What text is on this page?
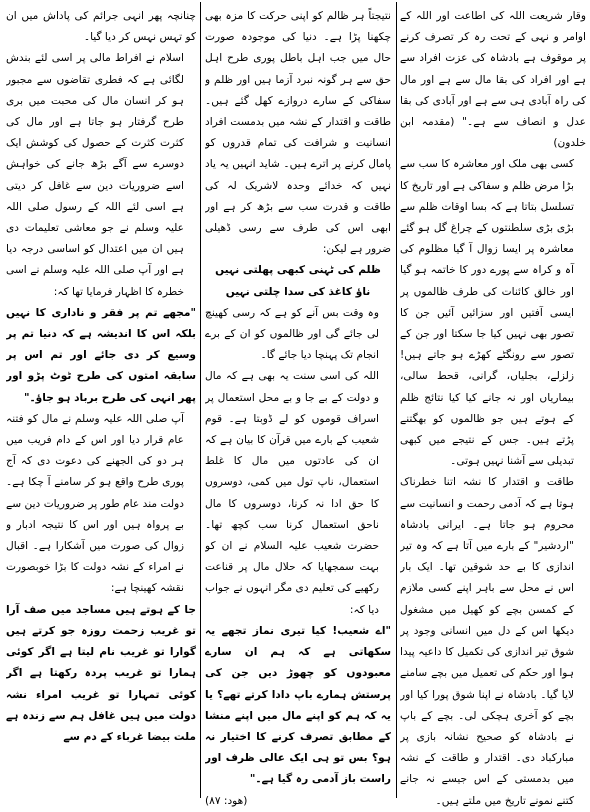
وقار شریعت اللہ کی اطاعت اور اللہ کے اوامر و نہی کے تحت رہ کر تصرف کرنے پر موقوف ہے بادشاہ کی عزت افراد سے ہے اور افراد کی بقا مال سے ہے اور مال کی راہ آبادی ہی سے ہے اور آبادی کی بقا عدل و انصاف سے ہے۔" (مقدمہ ابن خلدون)

کسی بھی ملک اور معاشرہ کا سب سے بڑا مرض ظلم و سفاکی ہے اور تاریخ کا تسلسل بتاتا ہے کہ بسا اوقات ظلم سے بڑی بڑی سلطنتوں کے چراغ گل ہو گئے معاشرہ پر ایسا زوال آ گیا مظلوم کی آہ و کراہ سے پورے دور کا خاتمہ ہو گیا اور خالق کائنات کی طرف ظالموں پر ایسی آفتیں اور سزائیں آئیں جن کا تصور بھی نہیں کیا جا سکتا اور جن کے تصور سے رونگٹے کھڑے ہو جاتے ہیں! زلزلے، بجلیاں، گرانی، قحط سالی، بیماریاں اور نہ جانے کیا کیا نتائج ظلم کے ہوتے ہیں جو ظالموں کو بھگتنے پڑتے ہیں۔ جس کے نتیجے میں کبھی تبدیلی سے آشنا نہیں ہوتی۔

طاقت و اقتدار کا نشہ اتنا خطرناک ہوتا ہے کہ آدمی رحمت و انسانیت سے محروم ہو جاتا ہے۔ ایرانی بادشاہ "اردشیر" کے بارے میں آتا ہے کہ وہ تیر اندازی کا بے حد شوقین تھا۔ ایک بار اس نے محل سے باہر اپنے کسی ملازم کے کمسن بچے کو کھیل میں مشغول دیکھا اس کے دل میں انسانی وجود پر شوق تیر اندازی کی تکمیل کا داعیہ پیدا ہوا اور حکم کی تعمیل میں بچے سامنے لایا گیا۔ بادشاہ نے اپنا شوق پورا کیا اور بچے کو آخری ہچکی لی۔ بچے کے باپ نے بادشاہ کو صحیح نشانہ بازی پر مبارکباد دی۔ اقتدار و طاقت کے نشہ میں بدمستی کے اس جیسے نہ جانے کتنے نمونے تاریخ میں ملتے ہیں۔

نتیجتاً ہر ظالم کو اپنی حرکت کا مزہ بھی چکھنا پڑا ہے۔ دنیا کی موجودہ صورت حال میں جب اہل باطل پوری طرح اہل حق سے ہر گونہ نبرد آزما ہیں اور ظلم و سفاکی کے سارے دروازے کھل گئے ہیں۔ طاقت و اقتدار کے نشہ میں بدمست افراد انسانیت و شرافت کی تمام قدروں کو پامال کرنے پر اترے ہیں۔ شاید انہیں یہ یاد نہیں کہ خدائے وحدہ لاشریک لہ کی طاقت و قدرت سب سے بڑھ کر ہے اور ابھی اس کی طرف سے رسی ڈھیلی ضرور ہے لیکن:

ظلم کی ٹہنی کبھی پھلتی نہیں

ناؤ کاغذ کی سدا چلتی نہیں

وہ وقت بس آنے کو ہے کہ رسی کھینچ لی جائے گی اور ظالموں کو ان کے برے انجام تک پہنچا دیا جائے گا۔

اللہ کی اسی سنت یہ بھی ہے کہ مال و دولت کے بے جا و بے محل استعمال پر اسراف قوموں کو لے ڈوبتا ہے۔ قوم شعیب کے بارے میں قرآن کا بیان ہے کہ ان کی عادتوں میں مال کا غلط استعمال، ناپ تول میں کمی، دوسروں کا حق ادا نہ کرنا، دوسروں کا مال ناحق استعمال کرنا سب کچھ تھا۔ حضرت شعیب علیہ السلام نے ان کو بہت سمجھایا کہ حلال مال پر قناعت رکھیے کی تعلیم دی مگر انہوں نے جواب دیا کہ:

"اے شعیب! کیا تیری نماز تجھے یہ سکھاتی ہے کہ ہم ان سارے معبودوں کو چھوڑ دیں جن کی پرستش ہمارے باپ دادا کرتے تھے؟ یا یہ کہ ہم کو اپنے مال میں اپنے منشا کے مطابق تصرف کرنے کا اختیار نہ ہو؟ بس تو ہی ایک عالی ظرف اور راست باز آدمی رہ گیا ہے۔"

(ھود: ۸۷)

چنانچہ پھر انہی جرائم کی پاداش میں ان کو تہس نہس کر دیا گیا۔

اسلام نے افراط مالی پر اسی لئے بندش لگائی ہے کہ فطری تقاضوں سے مجبور ہو کر انسان مال کی محبت میں بری طرح گرفتار ہو جاتا ہے اور مال کی کثرت کثرت کے حصول کی کوشش ایک دوسرے سے آگے بڑھ جانے کی خواہش اسے ضروریات دین سے غافل کر دیتی ہے اسی لئے اللہ کے رسول صلی اللہ علیہ وسلم نے جو معاشی تعلیمات دی ہیں ان میں اعتدال کو اساسی درجہ دیا ہے اور آپ صلی اللہ علیہ وسلم نے اسی خطرہ کا اظہار فرمایا تھا کہ:

"مجھے تم پر فقر و ناداری کا نہیں بلکہ اس کا اندیشہ ہے کہ دنیا تم پر وسیع کر دی جائے اور تم اس پر سابقہ امتوں کی طرح ٹوٹ پڑو اور پھر انہی کی طرح برباد ہو جاؤ۔"

آپ صلی اللہ علیہ وسلم نے مال کو فتنہ عام قرار دیا اور اس کے دام فریب میں ہر دو کی الجھنے کی دعوت دی کہ آج پوری طرح واقع ہو کر سامنے آ چکا ہے۔ دولت مند عام طور پر ضروریات دین سے بے پرواہ ہیں اور اس کا نتیجہ ادبار و زوال کی صورت میں آشکارا ہے۔ اقبال نے امراء کے نشہ دولت کا بڑا خوبصورت نقشہ کھینچا ہے:

جا کے ہوتے ہیں مساجد میں صف آرا تو غریب زحمت روزہ جو کرتے ہیں گوارا تو غریب نام لیتا ہے اگر کوئی ہمارا تو غریب پردہ رکھتا ہے اگر کوئی تمہارا تو غریب امراء نشہ دولت میں ہیں غافل ہم سے زندہ ہے ملت بیضا غرباء کے دم سے
